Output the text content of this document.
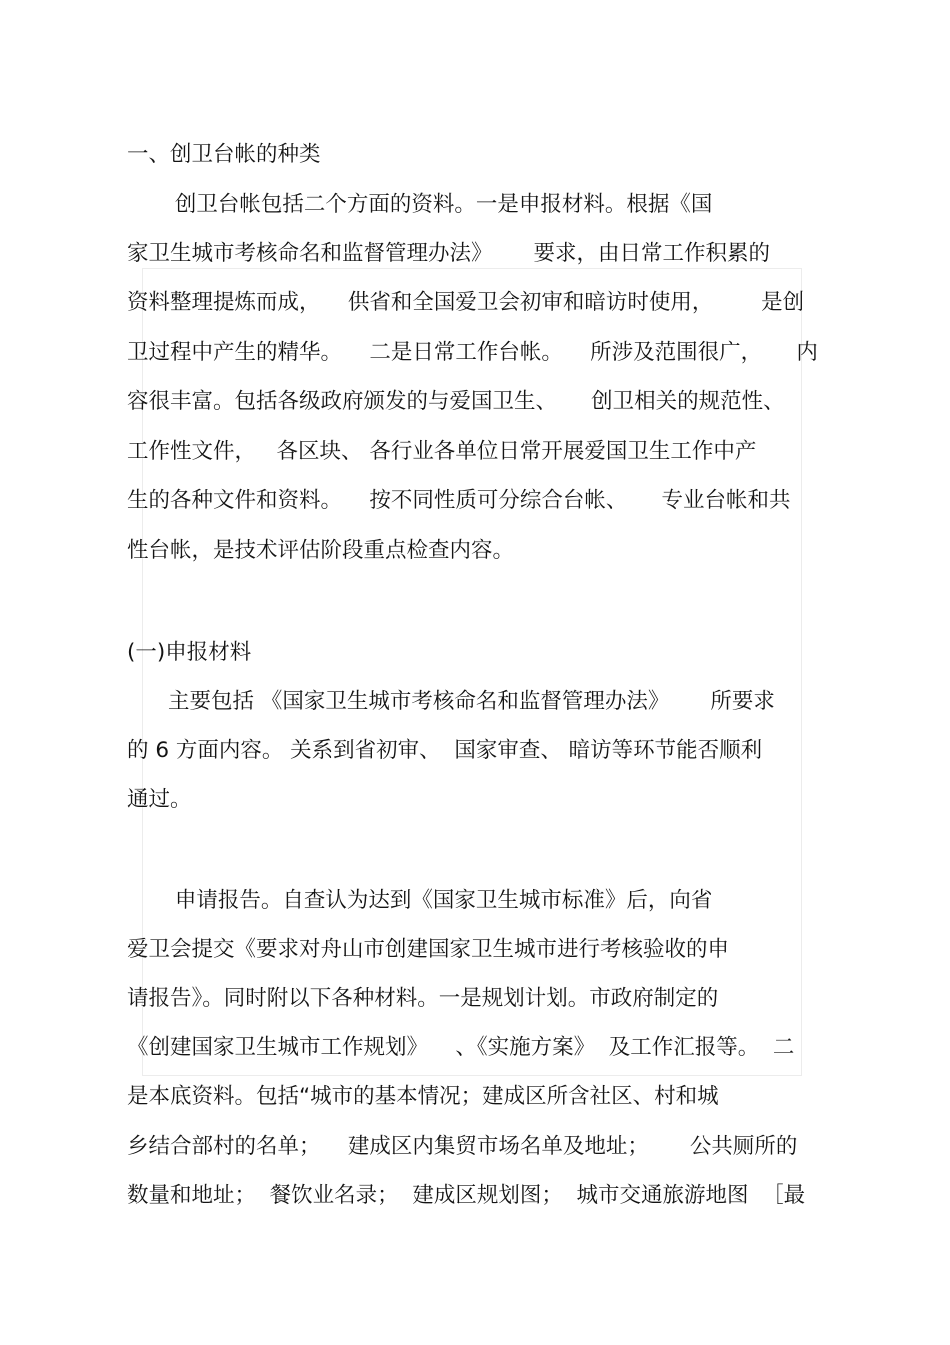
一、创卫台帐的种类
创卫台帐包括二个方面的资料。一是申报材料。根据《国
家卫生城市考核命名和监督管理办法》      要求，由日常工作积累的
资料整理提炼而成，    供省和全国爱卫会初审和暗访时使用，       是创
卫过程中产生的精华。    二是日常工作台帐。    所涉及范围很广，     内
容很丰富。包括各级政府颁发的与爱国卫生、     创卫相关的规范性、
工作性文件，   各区块、 各行业各单位日常开展爱国卫生工作中产
生的各种文件和资料。    按不同性质可分综合台帐、     专业台帐和共
性台帐，是技术评估阶段重点检查内容。
(一)申报材料
主要包括 《国家卫生城市考核命名和监督管理办法》      所要求
的 6 方面内容。 关系到省初审、  国家审查、 暗访等环节能否顺利
通过。
申请报告。自查认为达到《国家卫生城市标准》后，向省
爱卫会提交《要求对舟山市创建国家卫生城市进行考核验收的申
请报告》。同时附以下各种材料。一是规划计划。市政府制定的
《创建国家卫生城市工作规划》    、《实施方案》  及工作汇报等。  二
是本底资料。包括“城市的基本情况；建成区所含社区、村和城
乡结合部村的名单；    建成区内集贸市场名单及地址；      公共厕所的
数量和地址；  餐饮业名录；  建成区规划图；  城市交通旅游地图  ［最
